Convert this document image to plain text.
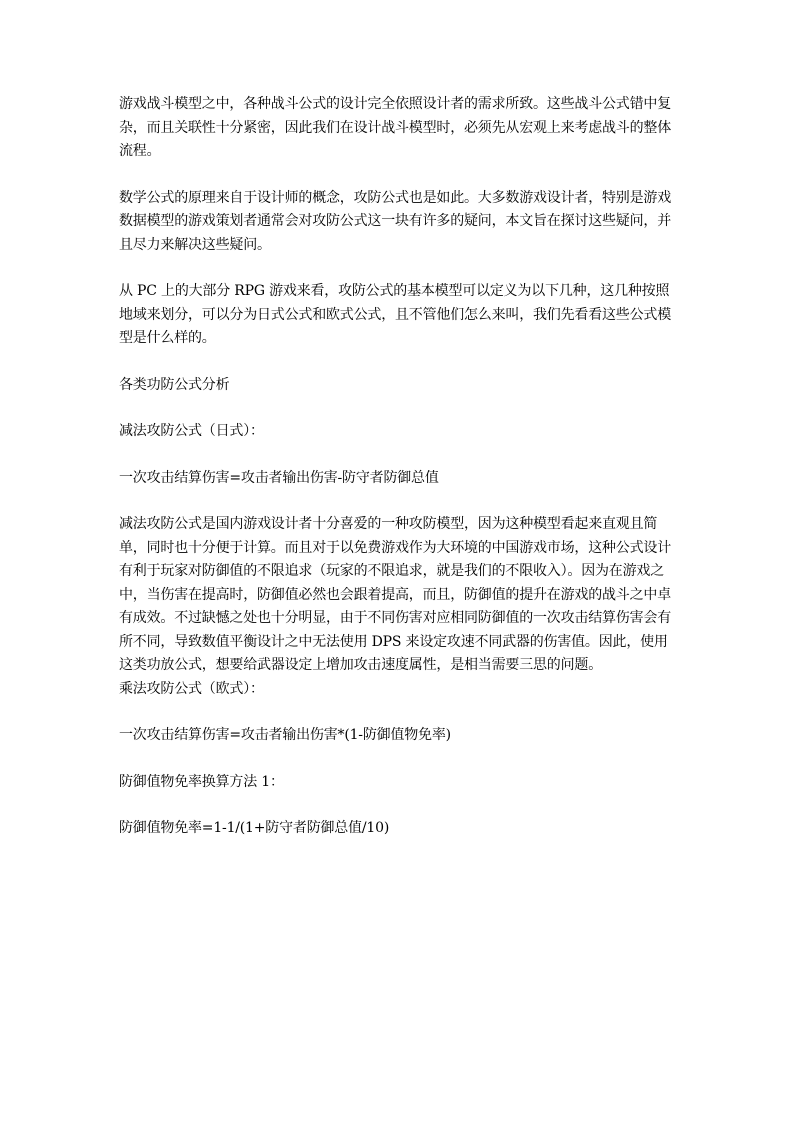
游戏战斗模型之中，各种战斗公式的设计完全依照设计者的需求所致。这些战斗公式错中复
杂，而且关联性十分紧密，因此我们在设计战斗模型时，必须先从宏观上来考虑战斗的整体
流程。

数学公式的原理来自于设计师的概念，攻防公式也是如此。大多数游戏设计者，特别是游戏
数据模型的游戏策划者通常会对攻防公式这一块有许多的疑问，本文旨在探讨这些疑问，并
且尽力来解决这些疑问。

从 PC 上的大部分 RPG 游戏来看，攻防公式的基本模型可以定义为以下几种，这几种按照
地域来划分，可以分为日式公式和欧式公式，且不管他们怎么来叫，我们先看看这些公式模
型是什么样的。

各类功防公式分析

减法攻防公式（日式）：

一次攻击结算伤害=攻击者输出伤害-防守者防御总值

减法攻防公式是国内游戏设计者十分喜爱的一种攻防模型，因为这种模型看起来直观且简
单，同时也十分便于计算。而且对于以免费游戏作为大环境的中国游戏市场，这种公式设计
有利于玩家对防御值的不限追求（玩家的不限追求，就是我们的不限收入）。因为在游戏之
中，当伤害在提高时，防御值必然也会跟着提高，而且，防御值的提升在游戏的战斗之中卓
有成效。不过缺憾之处也十分明显，由于不同伤害对应相同防御值的一次攻击结算伤害会有
所不同，导致数值平衡设计之中无法使用 DPS 来设定攻速不同武器的伤害值。因此，使用
这类功放公式，想要给武器设定上增加攻击速度属性，是相当需要三思的问题。

乘法攻防公式（欧式）：

一次攻击结算伤害=攻击者输出伤害*(1-防御值物免率)

防御值物免率换算方法 1：

防御值物免率=1-1/(1+防守者防御总值/10)
